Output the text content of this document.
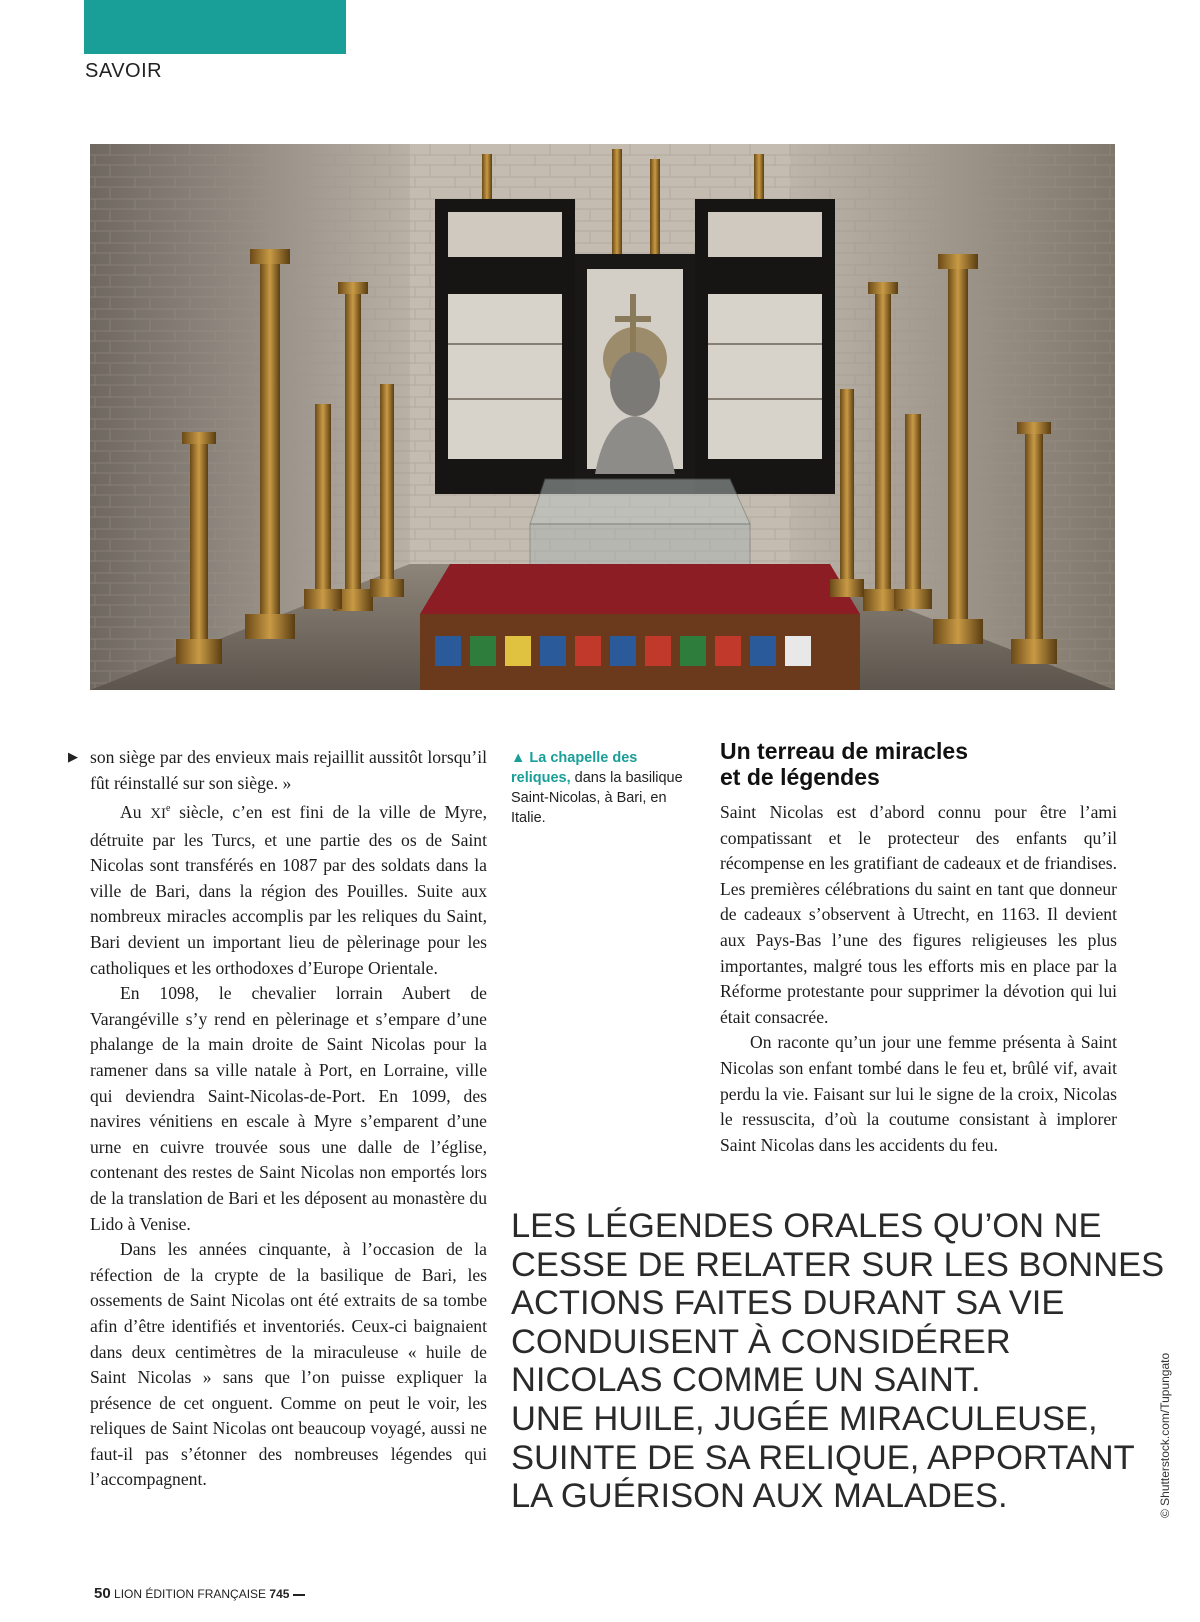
SAVOIR
▶ son siège par des envieux mais rejaillit aussitôt lorsqu’il fût réinstallé sur son siège. »

Au XIe siècle, c’en est fini de la ville de Myre, détruite par les Turcs, et une partie des os de Saint Nicolas sont transférés en 1087 par des soldats dans la ville de Bari, dans la région des Pouilles. Suite aux nombreux miracles accomplis par les reliques du Saint, Bari devient un important lieu de pèlerinage pour les catholiques et les orthodoxes d’Europe Orientale.

En 1098, le chevalier lorrain Aubert de Varangéville s’y rend en pèlerinage et s’empare d’une phalange de la main droite de Saint Nicolas pour la ramener dans sa ville natale à Port, en Lorraine, ville qui deviendra Saint-Nicolas-de-Port. En 1099, des navires vénitiens en escale à Myre s’emparent d’une urne en cuivre trouvée sous une dalle de l’église, contenant des restes de Saint Nicolas non emportés lors de la translation de Bari et les déposent au monastère du Lido à Venise.

Dans les années cinquante, à l’occasion de la réfection de la crypte de la basilique de Bari, les ossements de Saint Nicolas ont été extraits de sa tombe afin d’être identifiés et inventoriés. Ceux-ci baignaient dans deux centimètres de la miraculeuse « huile de Saint Nicolas » sans que l’on puisse expliquer la présence de cet onguent. Comme on peut le voir, les reliques de Saint Nicolas ont beaucoup voyagé, aussi ne faut-il pas s’étonner des nombreuses légendes qui l’accompagnent.

▲ La chapelle des reliques, dans la basilique Saint-Nicolas, à Bari, en Italie.
Un terreau de miracles
et de légendes

Saint Nicolas est d’abord connu pour être l’ami compatissant et le protecteur des enfants qu’il récompense en les gratifiant de cadeaux et de friandises. Les premières célébrations du saint en tant que donneur de cadeaux s’observent à Utrecht, en 1163. Il devient aux Pays-Bas l’une des figures religieuses les plus importantes, malgré tous les efforts mis en place par la Réforme protestante pour supprimer la dévotion qui lui était consacrée.

On raconte qu’un jour une femme présenta à Saint Nicolas son enfant tombé dans le feu et, brûlé vif, avait perdu la vie. Faisant sur lui le signe de la croix, Nicolas le ressuscita, d’où la coutume consistant à implorer Saint Nicolas dans les accidents du feu.

LES LÉGENDES ORALES QU’ON NE
CESSE DE RELATER SUR LES BONNES
ACTIONS FAITES DURANT SA VIE
CONDUISENT À CONSIDÉRER
NICOLAS COMME UN SAINT.
UNE HUILE, JUGÉE MIRACULEUSE,
SUINTE DE SA RELIQUE, APPORTANT
LA GUÉRISON AUX MALADES.	© Shutterstock.com/Tupungato
50 LION ÉDITION FRANÇAISE 745
